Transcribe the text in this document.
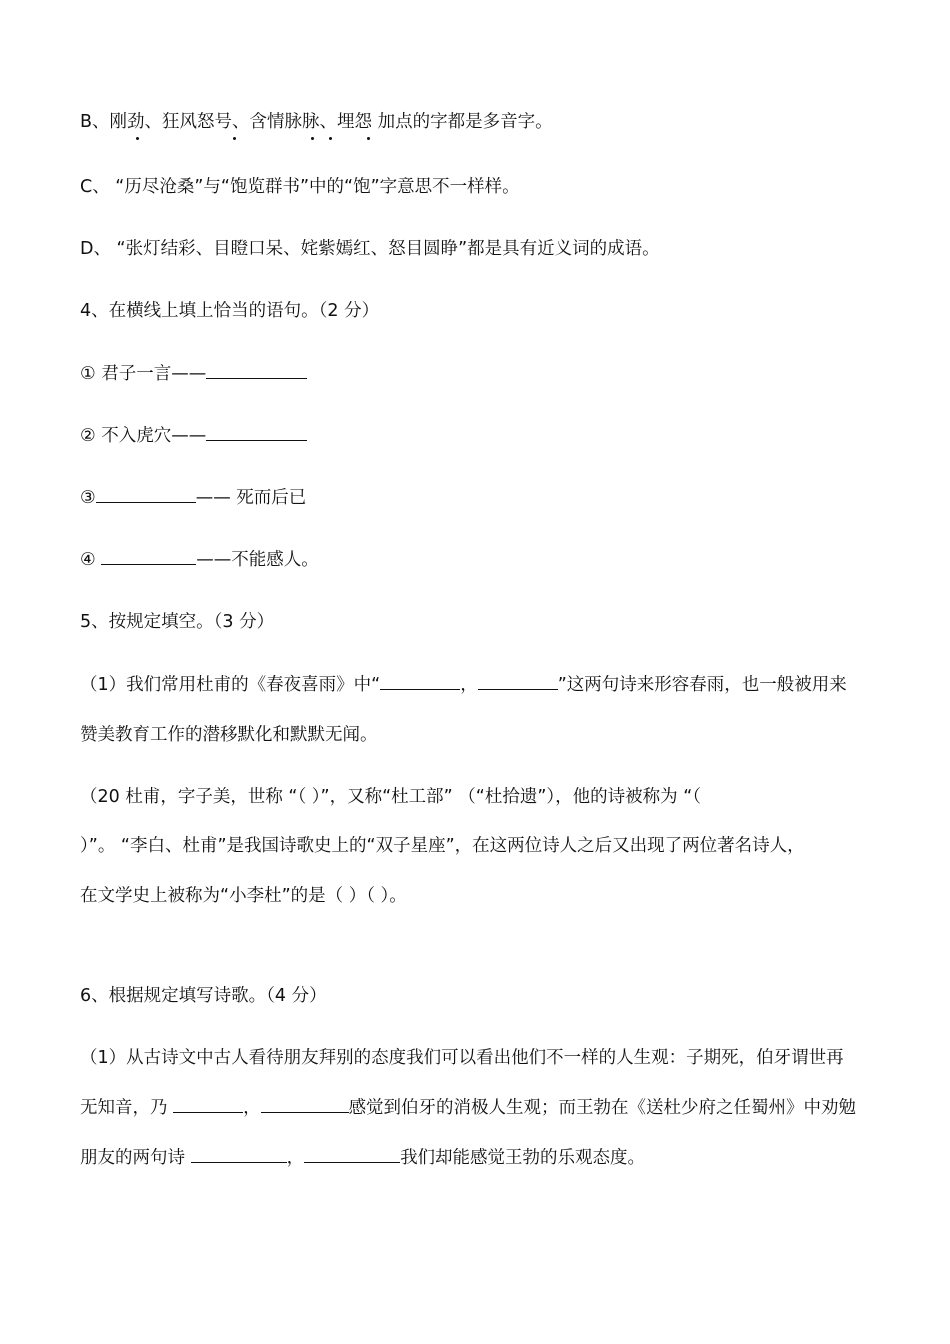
B、刚劲、狂风怒号、含情脉脉、埋怨 加点的字都是多音字。
C、 “历尽沧桑”与“饱览群书”中的“饱”字意思不一样样。
D、 “张灯结彩、目瞪口呆、姹紫嫣红、怒目圆睁”都是具有近义词的成语。
4、在横线上填上恰当的语句。（2 分）
① 君子一言——
② 不入虎穴——
③	—— 死而后已
④	——不能感人。
5、按规定填空。（3 分）
（1）我们常用杜甫的《春夜喜雨》中“	，	”这两句诗来形容春雨，也一般被用来
赞美教育工作的潜移默化和默默无闻。
（20 杜甫，字子美，世称 “（ ）”，又称“杜工部” （“杜拾遗”），他的诗被称为 “（
）”。 “李白、杜甫”是我国诗歌史上的“双子星座”，在这两位诗人之后又出现了两位著名诗人，
在文学史上被称为“小李杜”的是（ ）（ ）。
6、根据规定填写诗歌。（4 分）
（1）从古诗文中古人看待朋友拜别的态度我们可以看出他们不一样的人生观：子期死，伯牙谓世再
无知音，乃	，	感觉到伯牙的消极人生观；而王勃在《送杜少府之任蜀州》中劝勉
朋友的两句诗	，	我们却能感觉王勃的乐观态度。
